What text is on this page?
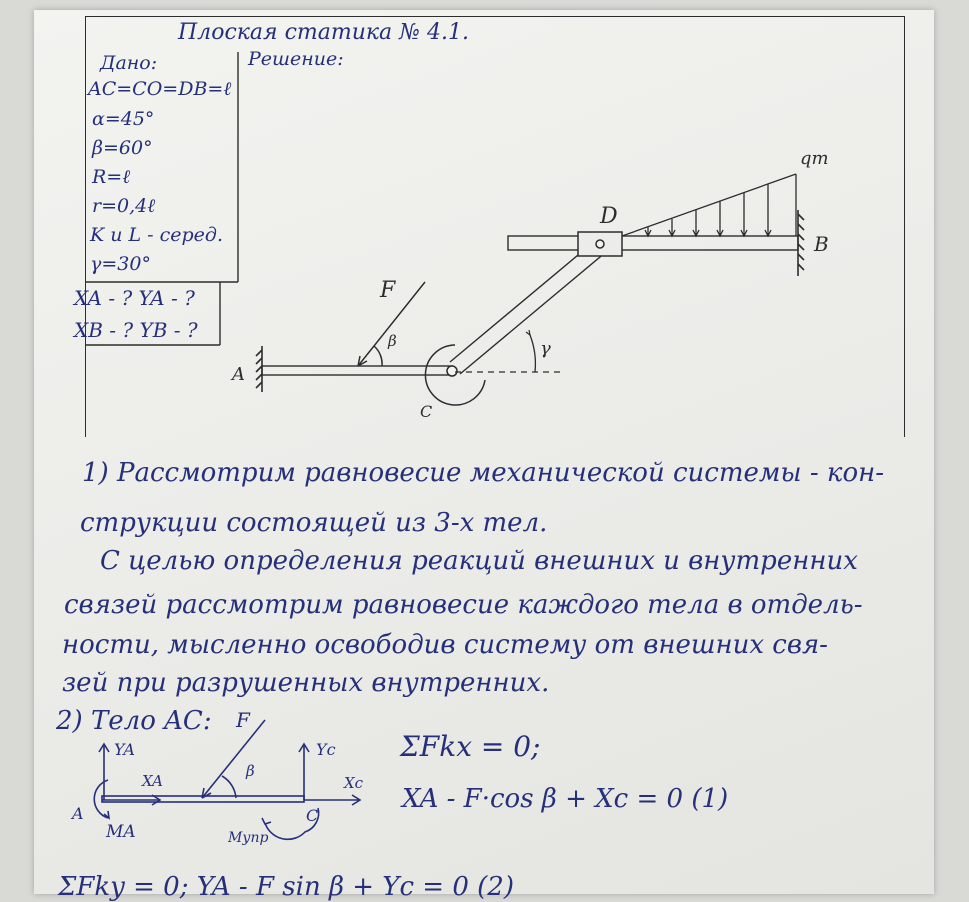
Плоская статика № 4.1.
Дано:	Решение:
AC=CO=DB=ℓ
α=45°
β=60°
R=ℓ
r=0,4ℓ
K и L - серед.
γ=30°
XA - ? YA - ?
XB - ? YB - ?
A
C
D
B
F
qm
β	γ
1) Рассмотрим равновесие механической системы - кон-
струкции состоящей из 3-х тел.
С целью определения реакций внешних и внутренних
связей рассмотрим равновесие каждого тела в отдель-
ности, мысленно освободив систему от внешних свя-
зей при разрушенных внутренних.
2) Тело AC: F
YA
XA
A
MA
β
Yc
Xc
C
Mупр
ΣFkx = 0;
XA - F·cos β + Xc = 0 (1)
ΣFky = 0; YA - F sin β + Yc = 0 (2)
